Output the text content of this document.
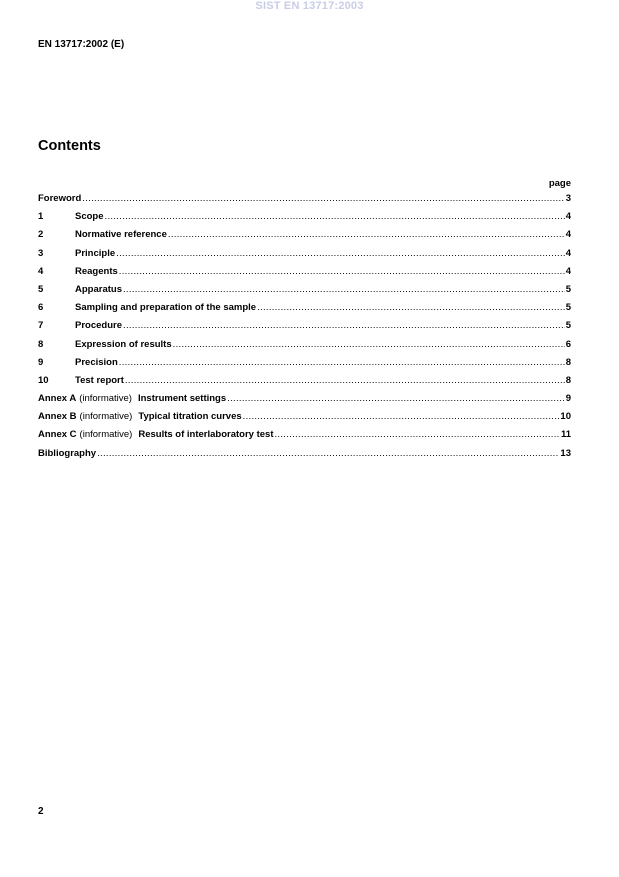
SIST EN 13717:2003
EN 13717:2002 (E)
Contents
page
Foreword .....	3
1	Scope .....	4
2	Normative reference .....	4
3	Principle .....	4
4	Reagents .....	4
5	Apparatus .....	5
6	Sampling and preparation of the sample .....	5
7	Procedure .....	5
8	Expression of results .....	6
9	Precision .....	8
10	Test report .....	8
Annex A (informative) Instrument settings .....	9
Annex B (informative) Typical titration curves .....	10
Annex C (informative) Results of interlaboratory test .....	11
Bibliography .....	13
2
